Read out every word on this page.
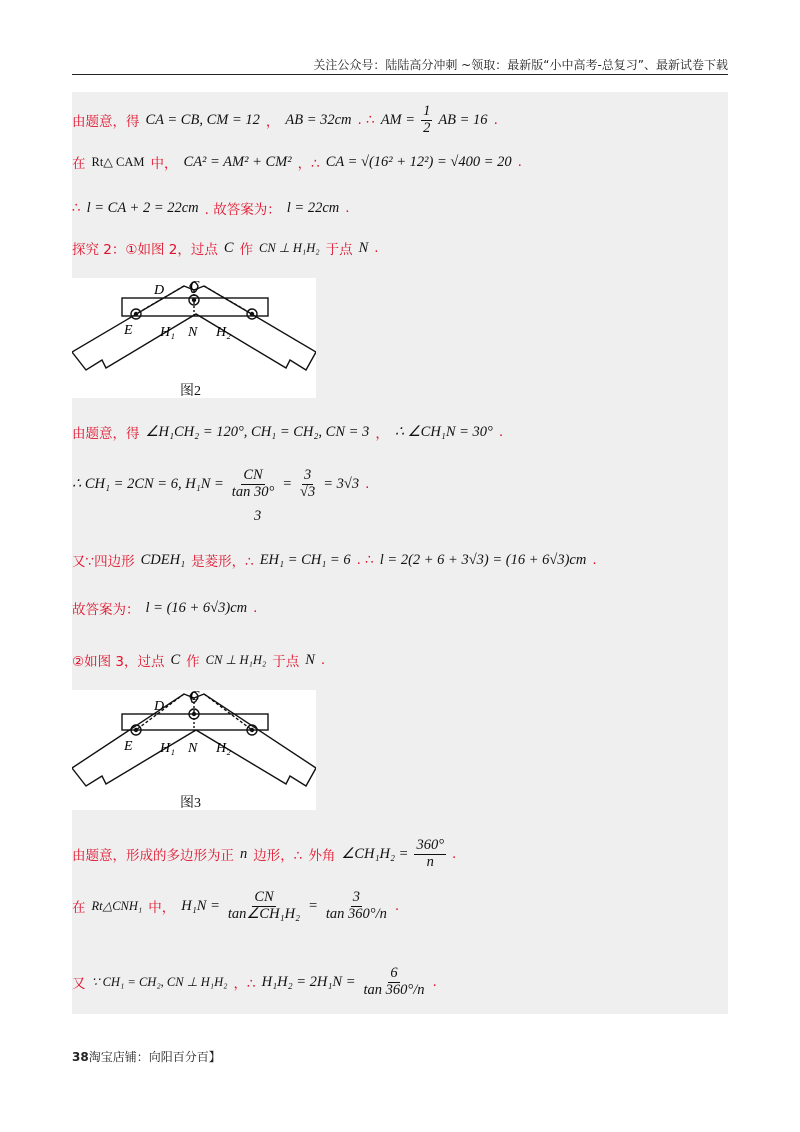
关注公众号：陆陆高分冲刺 ~领取：最新版“小中高考-总复习”、最新试卷下载
由题意，得 CA = CB, CM = 12 ， AB = 32cm . ∴ AM = $\frac{1}{2}$ AB = 16 .
在 Rt△ CAM 中， CA² = AM² + CM² ，∴ CA = √(16² + 12²) = √400 = 20 .
∴ l = CA + 2 = 22cm . 故答案为： l = 22cm .
探究 2：①如图 2，过点 C 作 CN ⊥ H₁H₂ 于点 N .
D C
E H₁ N H₂
图2
由题意，得 ∠H₁CH₂ = 120°, CH₁ = CH₂, CN = 3 ， ∴ ∠CH₁N = 30° .
∴ CH₁ = 2CN = 6, $H_1N = \frac{CN}{\tan 30^\circ} = \frac{3}{√3} = 3√3$ .
3
又∵四边形 CDEH₁ 是菱形，∴ EH₁ = CH₁ = 6 . ∴ l = 2(2 + 6 + 3√3) = (16 + 6√3)cm .
故答案为： l = (16 + 6√3)cm .
②如图 3，过点 C 作 CN ⊥ H₁H₂ 于点 N .
D
C
E H₁ N H₂
图3
由题意，形成的多边形为正 n 边形，∴ 外角 ∠CH₁H₂ = $\frac{360^\circ}{n}$ .
在 Rt△CNH₁ 中， $H_1N = \frac{CN}{\text{tan∠CH₁H₂}} = \frac{3}{\tan 360^\circ/n}$ .
又 ∵ CH₁ = CH₂, CN ⊥ H₁H₂ ，∴ $H_1H_2 = 2H_1N = \frac{6}{\tan 360^\circ/n}$ .
38淘宝店铺：向阳百分百】
